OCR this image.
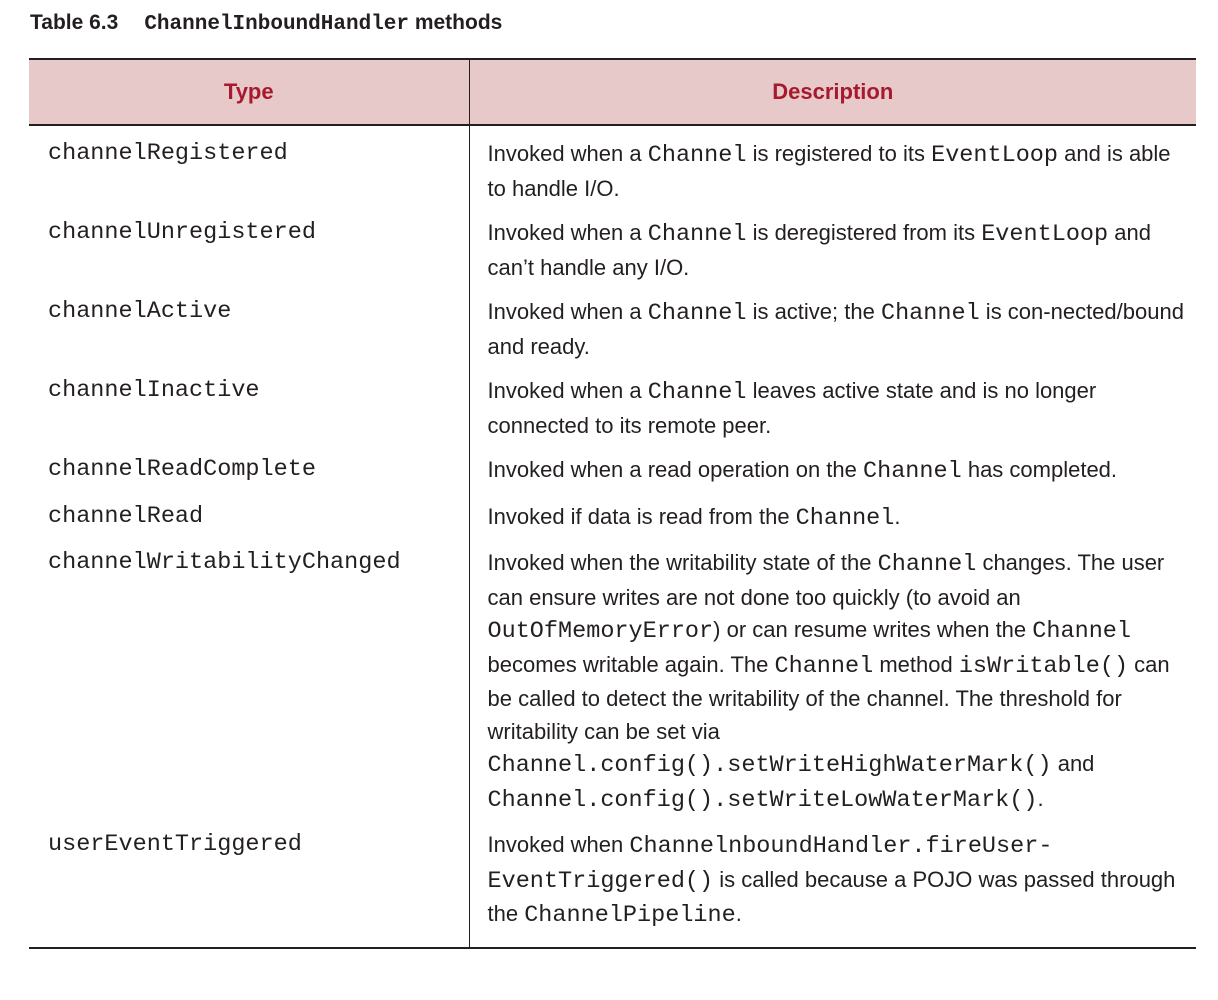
Table 6.3 ChannelInboundHandler methods
Type	Description
channelRegistered	Invoked when a Channel is registered to its EventLoop and is able to handle I/O.
channelUnregistered	Invoked when a Channel is deregistered from its EventLoop and can’t handle any I/O.
channelActive	Invoked when a Channel is active; the Channel is con-nected/bound and ready.
channelInactive	Invoked when a Channel leaves active state and is no longer connected to its remote peer.
channelReadComplete	Invoked when a read operation on the Channel has completed.
channelRead	Invoked if data is read from the Channel.
channelWritabilityChanged	Invoked when the writability state of the Channel changes. The user can ensure writes are not done too quickly (to avoid an OutOfMemoryError) or can resume writes when the Channel becomes writable again. The Channel method isWritable() can be called to detect the writability of the channel. The threshold for writability can be set via Channel.config().setWriteHighWaterMark() and Channel.config().setWriteLowWaterMark().
userEventTriggered	Invoked when ChannelnboundHandler.fireUser-EventTriggered() is called because a POJO was passed through the ChannelPipeline.
